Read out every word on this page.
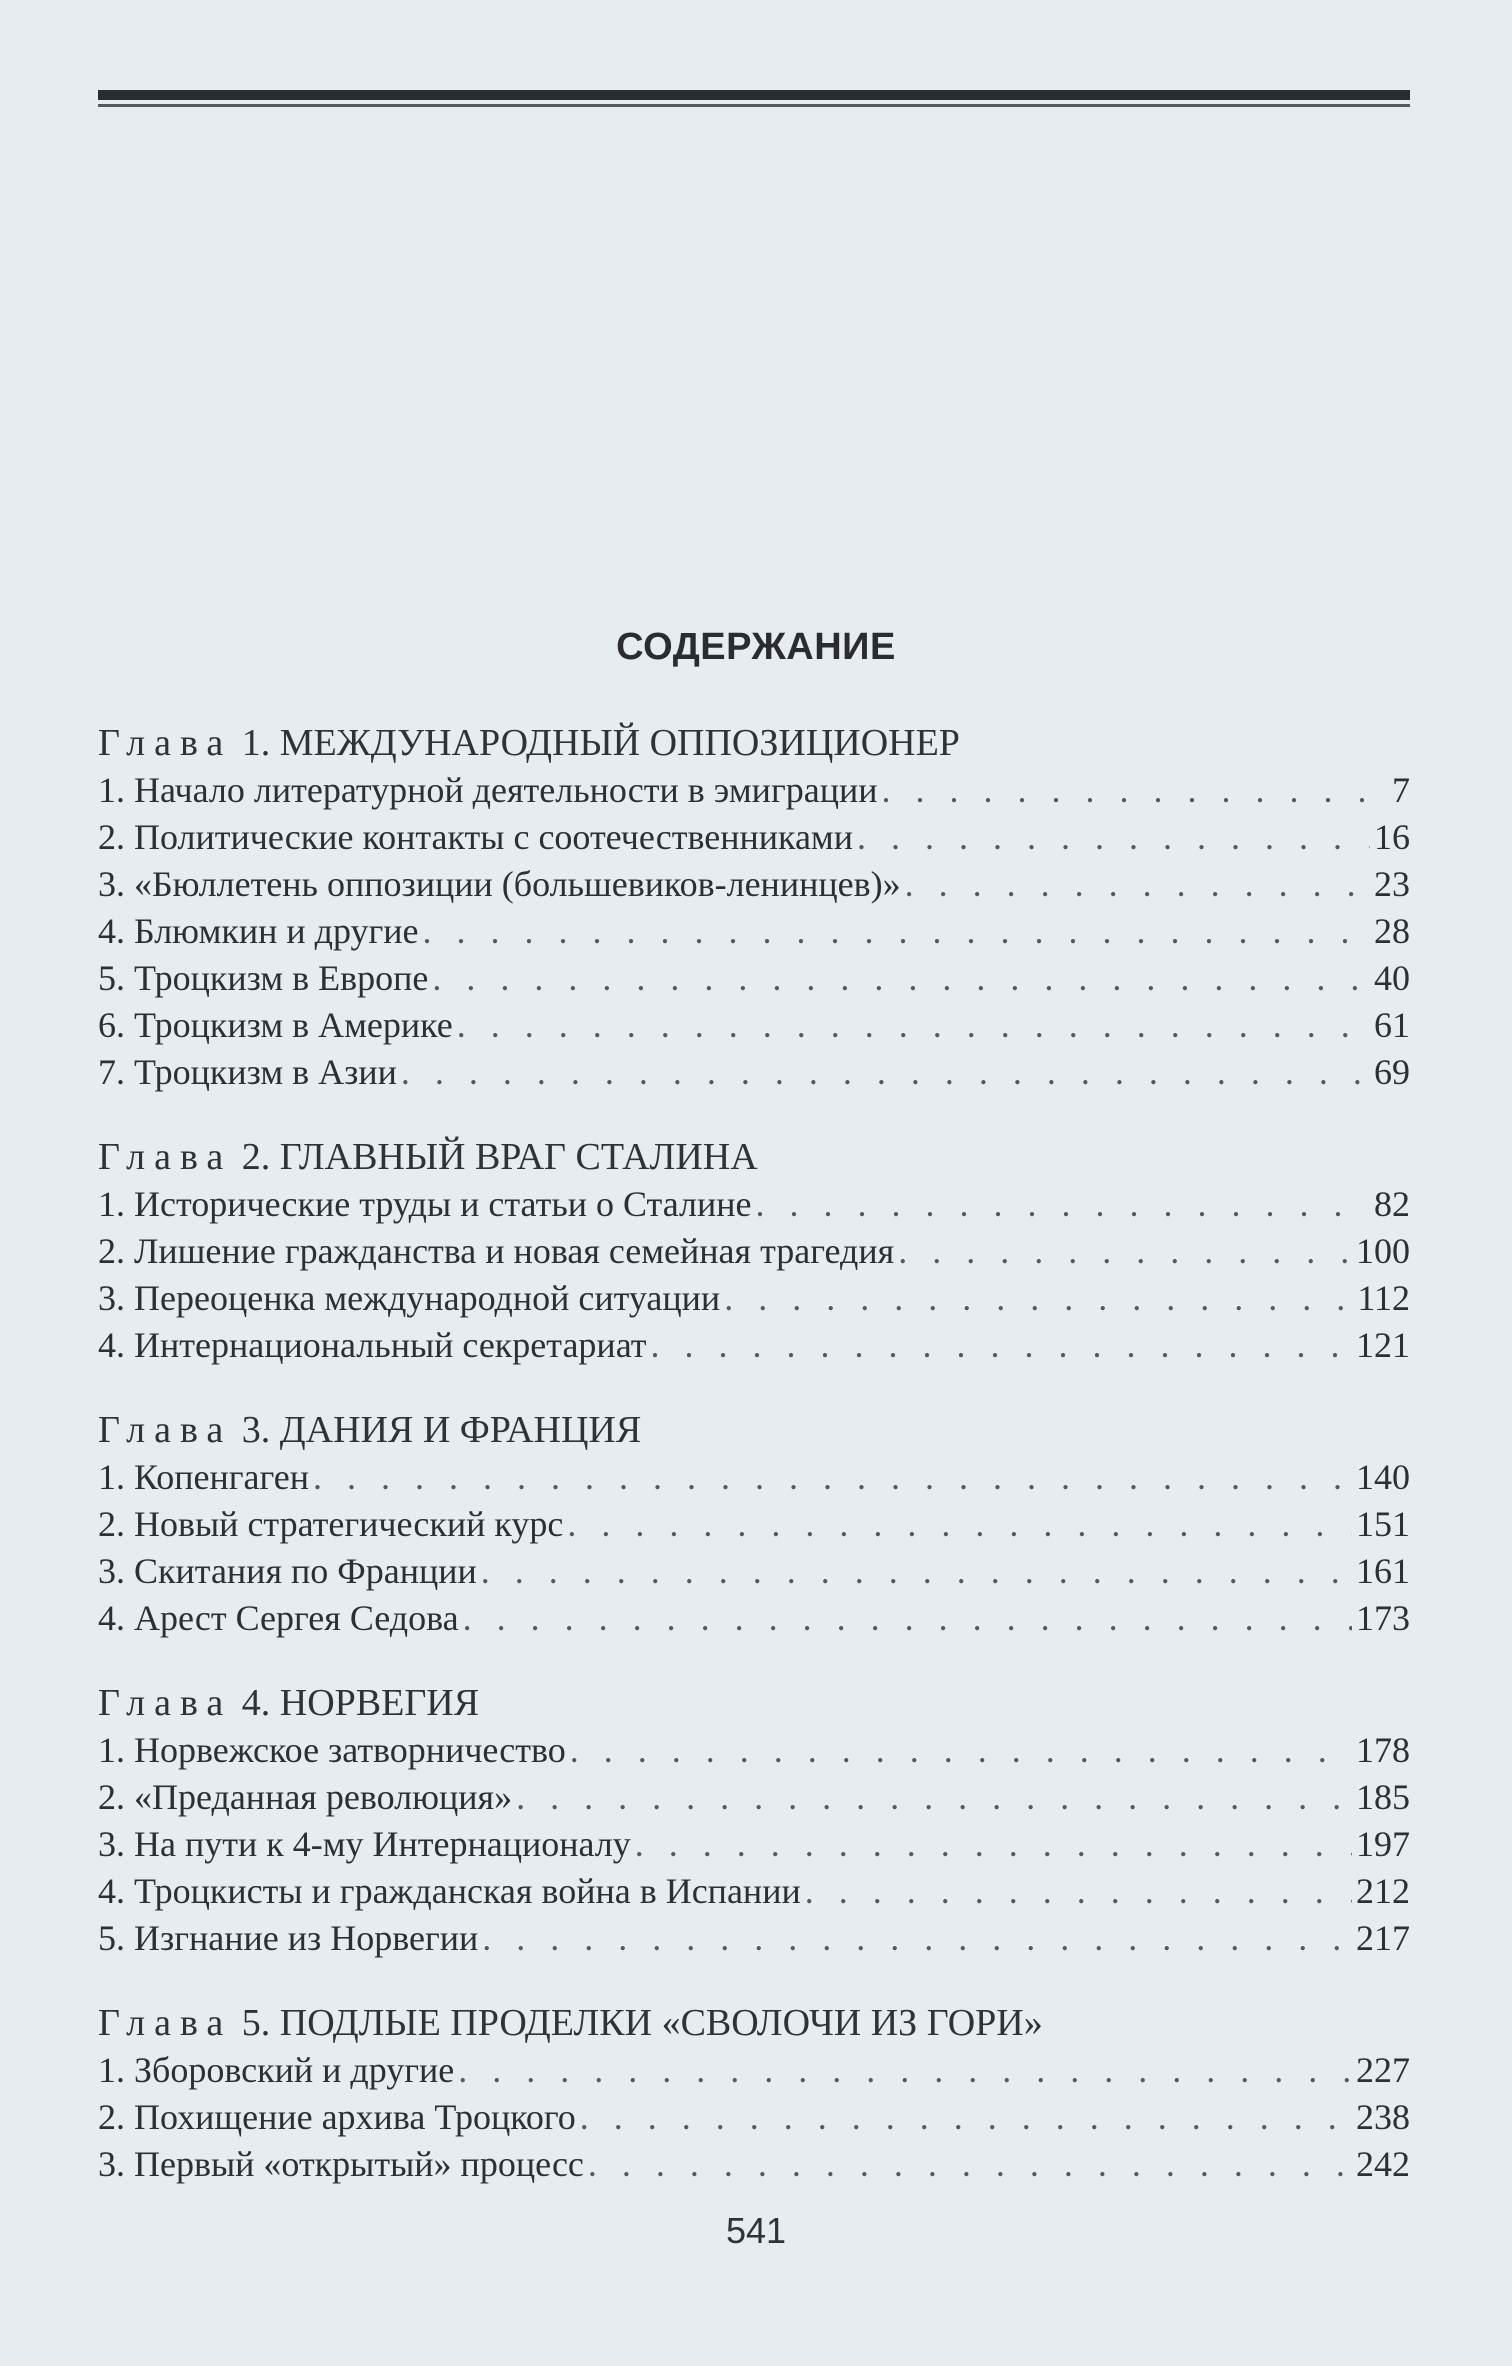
СОДЕРЖАНИЕ
Глава 1. МЕЖДУНАРОДНЫЙ ОППОЗИЦИОНЕР
1. Начало литературной деятельности в эмиграции . . .	7
2. Политические контакты с соотечественниками . . .	16
3. «Бюллетень оппозиции (большевиков-ленинцев)» . . .	23
4. Блюмкин и другие . . .	28
5. Троцкизм в Европе . . .	40
6. Троцкизм в Америке . . .	61
7. Троцкизм в Азии . . .	69
Глава 2. ГЛАВНЫЙ ВРАГ СТАЛИНА
1. Исторические труды и статьи о Сталине . . .	82
2. Лишение гражданства и новая семейная трагедия . . .	100
3. Переоценка международной ситуации . . .	112
4. Интернациональный секретариат . . .	121
Глава 3. ДАНИЯ И ФРАНЦИЯ
1. Копенгаген . . .	140
2. Новый стратегический курс . . .	151
3. Скитания по Франции . . .	161
4. Арест Сергея Седова . . .	173
Глава 4. НОРВЕГИЯ
1. Норвежское затворничество . . .	178
2. «Преданная революция» . . .	185
3. На пути к 4-му Интернационалу . . .	197
4. Троцкисты и гражданская война в Испании . . .	212
5. Изгнание из Норвегии . . .	217
Глава 5. ПОДЛЫЕ ПРОДЕЛКИ «СВОЛОЧИ ИЗ ГОРИ»
1. Зборовский и другие . . .	227
2. Похищение архива Троцкого . . .	238
3. Первый «открытый» процесс . . .	242
541
